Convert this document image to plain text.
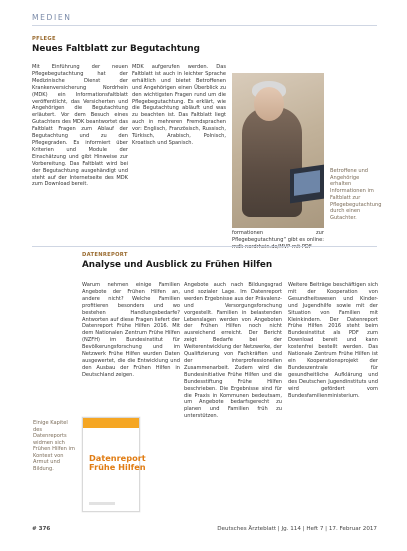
MEDIEN
PFLEGE
Neues Faltblatt zur Begutachtung

Mit Einführung der neuen Pflegebegutachtung hat der Medizinische Dienst der Krankenversicherung Nordrhein (MDK) ein Informationsfaltblatt veröffentlicht, das Versicherten und Angehörigen die Begutachtung erläutert. Vor dem Besuch eines Gutachters des MDK beantwortet das Faltblatt Fragen zum Ablauf der Begutachtung und zu den Pflegegraden. Es informiert über Kriterien und Module der Einschätzung und gibt Hinweise zur Vorbereitung. Das Faltblatt wird bei der Begutachtung ausgehändigt und steht auf der Internetseite des MDK zum Download bereit.

MDK aufgerufen werden. Das Faltblatt ist auch in leichter Sprache erhältlich und bietet Betroffenen und Angehörigen einen Überblick zu den wichtigsten Fragen rund um die Pflegebegutachtung. Es erklärt, wie die Begutachtung abläuft und was zu beachten ist. Das Faltblatt liegt auch in mehreren Fremdsprachen vor: Englisch, Französisch, Russisch, Türkisch, Arabisch, Polnisch, Kroatisch und Spanisch.

Betroffene und Angehörige erhalten Informationen im Faltblatt zur Pflegebegutachtung durch einen Gutachter.

formationen zur Pflegebegutachtung“ gibt es online: mdk-nordrhein.de/MVP mit PDF

DATENREPORT
Analyse und Ausblick zu Frühen Hilfen

Warum nehmen einige Familien Angebote der Frühen Hilfen an, andere nicht? Welche Familien profitieren besonders und wo bestehen Handlungsbedarfe? Antworten auf diese Fragen liefert der Datenreport Frühe Hilfen 2016. Mit dem Nationalen Zentrum Frühe Hilfen (NZFH) im Bundesinstitut für Bevölkerungsforschung und im Netzwerk Frühe Hilfen wurden Daten ausgewertet, die die Entwicklung und den Ausbau der Frühen Hilfen in Deutschland zeigen.

Angebote auch nach Bildungsgrad und sozialer Lage. Im Datenreport werden Ergebnisse aus der Prävalenz- und Versorgungsforschung vorgestellt. Familien in belastenden Lebenslagen werden von Angeboten der Frühen Hilfen noch nicht ausreichend erreicht. Der Bericht zeigt Bedarfe bei der Weiterentwicklung der Netzwerke, der Qualifizierung von Fachkräften und der interprofessionellen Zusammenarbeit. Zudem wird die Bundesinitiative Frühe Hilfen und die Bundesstiftung Frühe Hilfen beschrieben. Die Ergebnisse sind für die Praxis in Kommunen bedeutsam, um Angebote bedarfsgerecht zu planen und Familien früh zu unterstützen.

Weitere Beiträge beschäftigen sich mit der Kooperation von Gesundheitswesen und Kinder- und Jugendhilfe sowie mit der Situation von Familien mit Kleinkindern. Der Datenreport Frühe Hilfen 2016 steht beim Bundesinstitut als PDF zum Download bereit und kann kostenfrei bestellt werden. Das Nationale Zentrum Frühe Hilfen ist ein Kooperationsprojekt der Bundeszentrale für gesundheitliche Aufklärung und des Deutschen Jugendinstituts und wird gefördert vom Bundesfamilienministerium.

Einige Kapitel des Datenreports widmen sich Frühen Hilfen im Kontext von Armut und Bildung.
Datenreport Frühe Hilfen
# 376	Deutsches Ärzteblatt | Jg. 114 | Heft 7 | 17. Februar 2017
